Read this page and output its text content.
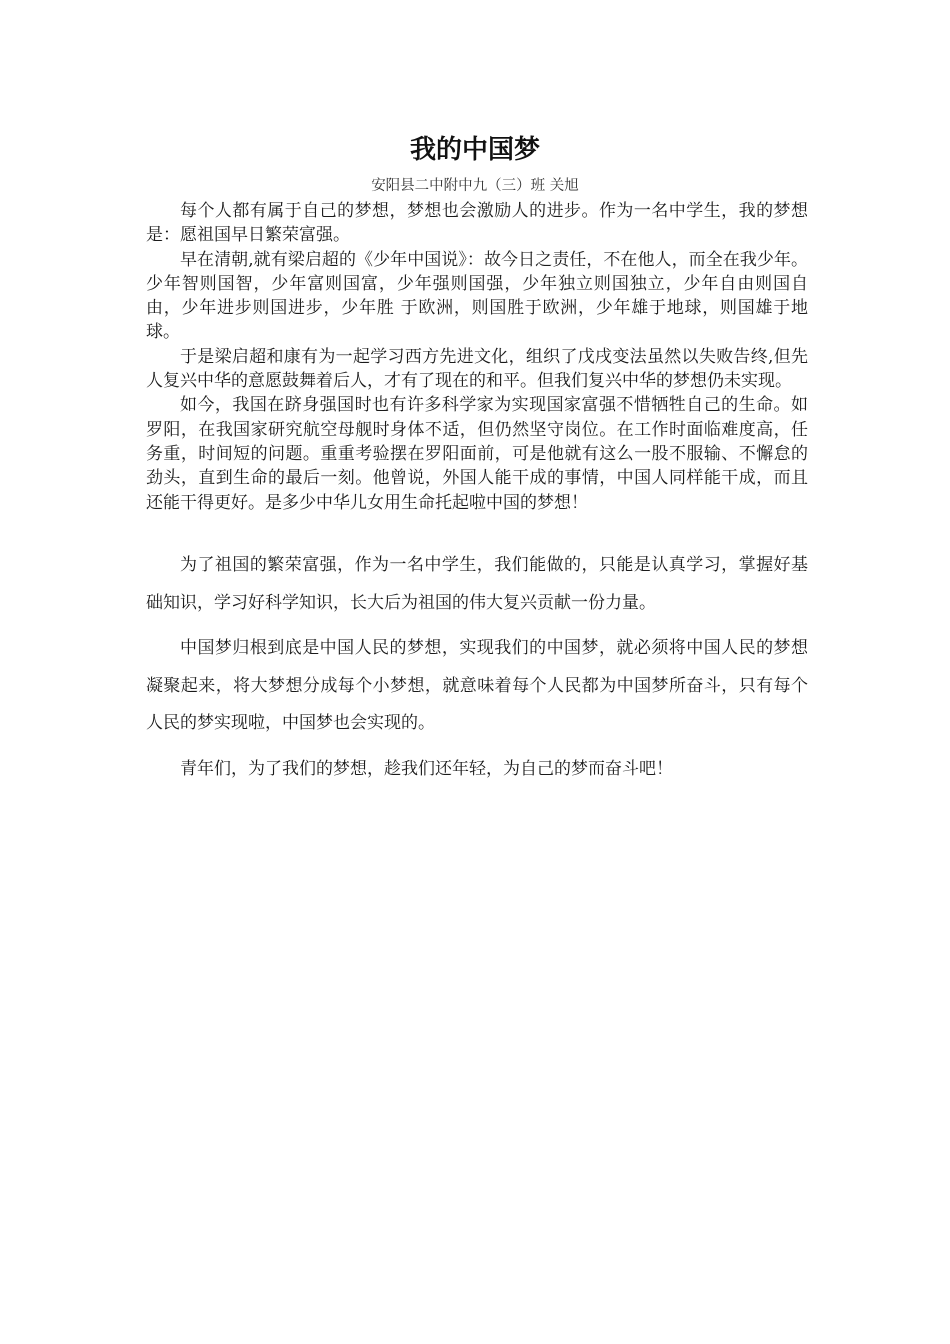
我的中国梦

安阳县二中附中九（三）班 关旭

每个人都有属于自己的梦想，梦想也会激励人的进步。作为一名中学生，我的梦想是：愿祖国早日繁荣富强。

早在清朝,就有梁启超的《少年中国说》：故今日之责任，不在他人，而全在我少年。 少年智则国智，少年富则国富，少年强则国强，少年独立则国独立，少年自由则国自由，少年进步则国进步，少年胜 于欧洲，则国胜于欧洲，少年雄于地球，则国雄于地球。

于是梁启超和康有为一起学习西方先进文化，组织了戊戌变法虽然以失败告终,但先人复兴中华的意愿鼓舞着后人，才有了现在的和平。但我们复兴中华的梦想仍未实现。

如今，我国在跻身强国时也有许多科学家为实现国家富强不惜牺牲自己的生命。如罗阳，在我国家研究航空母舰时身体不适，但仍然坚守岗位。在工作时面临难度高，任务重，时间短的问题。重重考验摆在罗阳面前，可是他就有这么一股不服输、不懈怠的劲头，直到生命的最后一刻。他曾说，外国人能干成的事情，中国人同样能干成，而且还能干得更好。是多少中华儿女用生命托起啦中国的梦想！

为了祖国的繁荣富强，作为一名中学生，我们能做的，只能是认真学习，掌握好基础知识，学习好科学知识，长大后为祖国的伟大复兴贡献一份力量。

中国梦归根到底是中国人民的梦想，实现我们的中国梦，就必须将中国人民的梦想凝聚起来，将大梦想分成每个小梦想，就意味着每个人民都为中国梦所奋斗，只有每个人民的梦实现啦，中国梦也会实现的。

青年们，为了我们的梦想，趁我们还年轻，为自己的梦而奋斗吧！
